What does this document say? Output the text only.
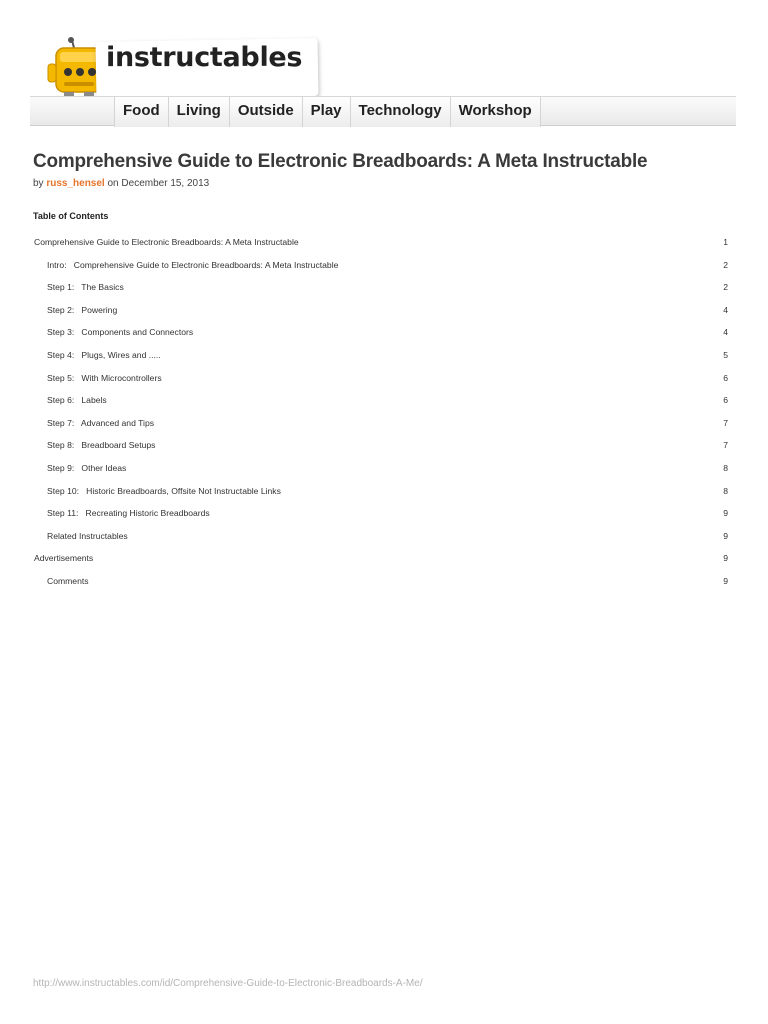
instructables
Food	Living	Outside	Play	Technology	Workshop
Comprehensive Guide to Electronic Breadboards: A Meta Instructable
by russ_hensel on December 15, 2013
Table of Contents
Comprehensive Guide to Electronic Breadboards: A Meta Instructable	1
Intro:   Comprehensive Guide to Electronic Breadboards: A Meta Instructable	2
Step 1:   The Basics	2
Step 2:   Powering	4
Step 3:   Components and Connectors	4
Step 4:   Plugs, Wires and .....	5
Step 5:   With Microcontrollers	6
Step 6:   Labels	6
Step 7:   Advanced and Tips	7
Step 8:   Breadboard Setups	7
Step 9:   Other Ideas	8
Step 10:   Historic Breadboards, Offsite Not Instructable Links	8
Step 11:   Recreating Historic Breadboards	9
Related Instructables	9
Advertisements	9
Comments	9
http://www.instructables.com/id/Comprehensive-Guide-to-Electronic-Breadboards-A-Me/
